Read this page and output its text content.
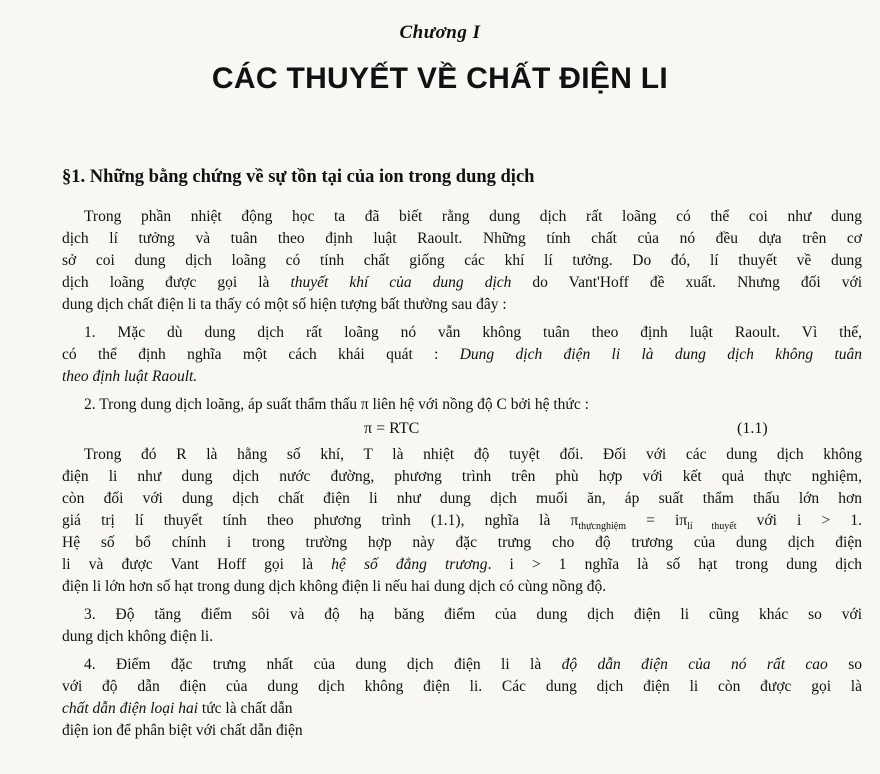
Chương I
CÁC THUYẾT VỀ CHẤT ĐIỆN LI
§1. Những bằng chứng về sự tồn tại của ion trong dung dịch
Trong phần nhiệt động học ta đã biết rằng dung dịch rất loãng có thể coi như dung
dịch lí tưởng và tuân theo định luật Raoult. Những tính chất của nó đều dựa trên cơ
sở coi dung dịch loãng có tính chất giống các khí lí tưởng. Do đó, lí thuyết về dung
dịch loãng được gọi là thuyết khí của dung dịch do Vant'Hoff đề xuất. Nhưng đối với
dung dịch chất điện li ta thấy có một số hiện tượng bất thường sau đây :
1. Mặc dù dung dịch rất loãng nó vẫn không tuân theo định luật Raoult. Vì thế,
có thể định nghĩa một cách khái quát : Dung dịch điện li là dung dịch không tuân
theo định luật Raoult.
2. Trong dung dịch loãng, áp suất thẩm thấu π liên hệ với nồng độ C bởi hệ thức :
π = RTC	(1.1)
Trong đó R là hằng số khí, T là nhiệt độ tuyệt đối. Đối với các dung dịch không
điện li như dung dịch nước đường, phương trình trên phù hợp với kết quả thực nghiệm,
còn đối với dung dịch chất điện li như dung dịch muối ăn, áp suất thẩm thấu lớn hơn
giá trị lí thuyết tính theo phương trình (1.1), nghĩa là $\pi_{thựcnghiệm} = i\pi_{lí thuyết}$ với i > 1.
Hệ số bổ chính i trong trường hợp này đặc trưng cho độ trương của dung dịch điện
li và được Vant Hoff gọi là hệ số đẳng trương. i > 1 nghĩa là số hạt trong dung dịch
điện li lớn hơn số hạt trong dung dịch không điện li nếu hai dung dịch có cùng nồng độ.
3. Độ tăng điểm sôi và độ hạ băng điểm của dung dịch điện li cũng khác so với
dung dịch không điện li.
4. Điểm đặc trưng nhất của dung dịch điện li là độ dẫn điện của nó rất cao so
với độ dẫn điện của dung dịch không điện li. Các dung dịch điện li còn được gọi là
chất dẫn điện loại hai tức là chất dẫn
điện ion để phân biệt với chất dẫn điện
